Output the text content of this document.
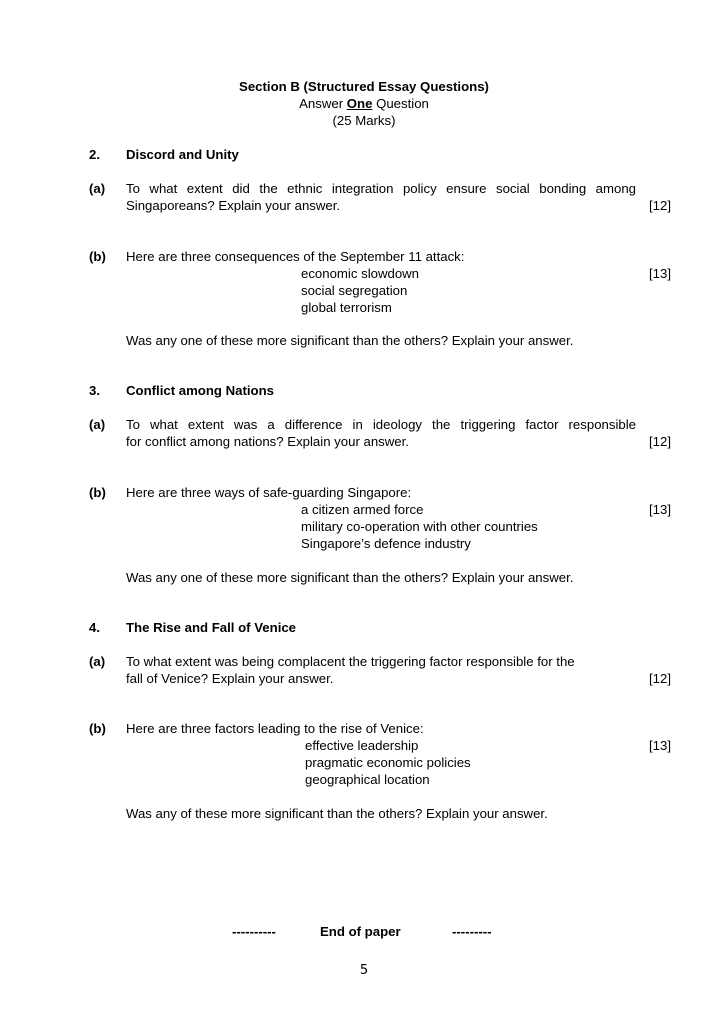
Section B (Structured Essay Questions)
Answer One Question
(25 Marks)
2. Discord and Unity
(a) To what extent did the ethnic integration policy ensure social bonding among
Singaporeans? Explain your answer.	[12]
(b) Here are three consequences of the September 11 attack:
economic slowdown	[13]
social segregation
global terrorism
Was any one of these more significant than the others? Explain your answer.
3. Conflict among Nations
(a) To what extent was a difference in ideology the triggering factor responsible
for conflict among nations? Explain your answer.	[12]
(b) Here are three ways of safe-guarding Singapore:
a citizen armed force	[13]
military co-operation with other countries
Singapore’s defence industry
Was any one of these more significant than the others? Explain your answer.
4. The Rise and Fall of Venice
(a) To what extent was being complacent the triggering factor responsible for the
fall of Venice? Explain your answer.	[12]
(b) Here are three factors leading to the rise of Venice:
effective leadership	[13]
pragmatic economic policies
geographical location
Was any of these more significant than the others? Explain your answer.
----------	End of paper	---------
5
